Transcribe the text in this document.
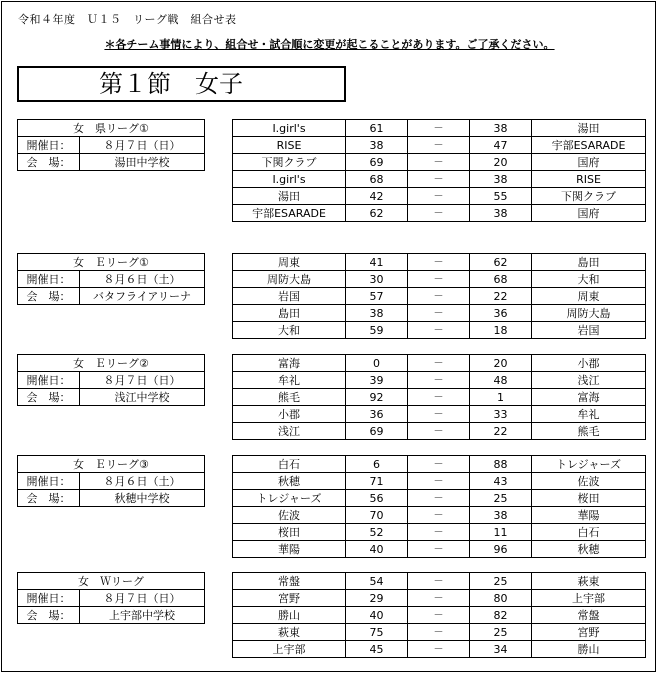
令和４年度　Ｕ１５　リーグ戦　組合せ表
＊各チーム事情により、組合せ・試合順に変更が起こることがあります。ご了承ください。
第１節　女子
女　県リーグ①	
開催日：	８月７日（日）
会　場：	湯田中学校
I.girl's	61	－	38	湯田
RISE	38	－	47	宇部ESARADE
下関クラブ	69	－	20	国府
I.girl's	68	－	38	RISE
湯田	42	－	55	下関クラブ
宇部ESARADE	62	－	38	国府
女　Ｅリーグ①	
開催日：	８月６日（土）
会　場：	バタフライアリーナ
周東	41	－	62	島田
周防大島	30	－	68	大和
岩国	57	－	22	周東
島田	38	－	36	周防大島
大和	59	－	18	岩国
女　Ｅリーグ②	
開催日：	８月７日（日）
会　場：	浅江中学校
富海	0	－	20	小郡
牟礼	39	－	48	浅江
熊毛	92	－	1	富海
小郡	36	－	33	牟礼
浅江	69	－	22	熊毛
女　Ｅリーグ③	
開催日：	８月６日（土）
会　場：	秋穂中学校
白石	6	－	88	トレジャーズ
秋穂	71	－	43	佐波
トレジャーズ	56	－	25	桜田
佐波	70	－	38	華陽
桜田	52	－	11	白石
華陽	40	－	96	秋穂
女　Ｗリーグ	
開催日：	８月７日（日）
会　場：	上宇部中学校
常盤	54	－	25	萩東
宮野	29	－	80	上宇部
勝山	40	－	82	常盤
萩東	75	－	25	宮野
上宇部	45	－	34	勝山
